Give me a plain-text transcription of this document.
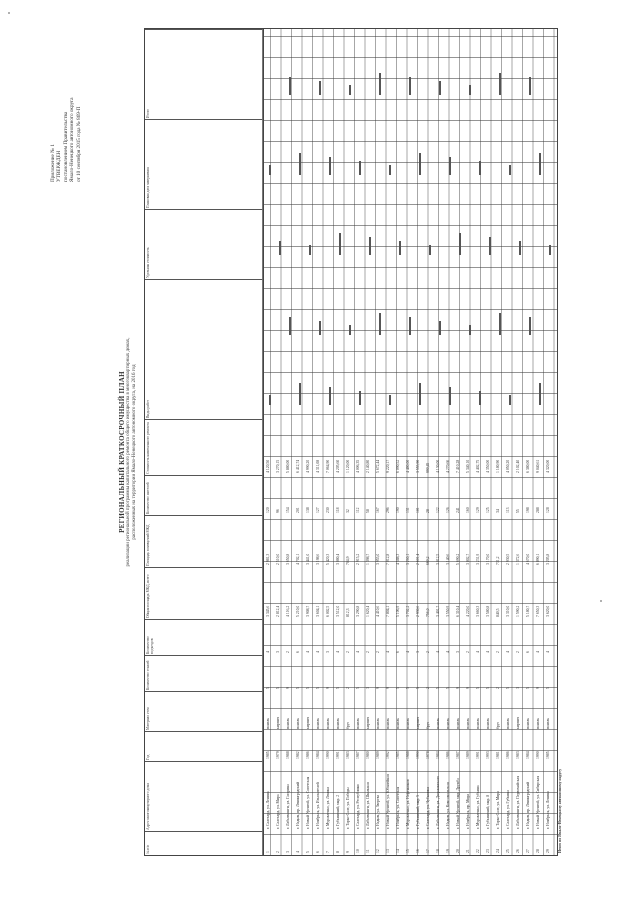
Приложение № 1 УТВЕРЖДЕН постановлением Правительства Ямало-Ненецкого автономного округа от 10 сентября 2015 года № 869-П
РЕГИОНАЛЬНЫЙ КРАТКОСРОЧНЫЙ ПЛАН реализации региональной программы капитального ремонта общего имущества в многоквартирных домах, расположенных на территории Ямало-Ненецкого автономного округа, на 2016 год
№ п/п
Адрес многоквартирного дома
Год
Материал стен
Количество этажей
Количество подъездов
Общая площадь МКД, всего
Площадь помещений МКД
Количество жителей
Стоимость капитального ремонта
Виды работ
Удельная стоимость
Плановая дата завершения
Итого
1
г. Салехард, ул. Ленина
1985
панель
5
4
3 345,6
2 981,3
120
4 120,50
2
г. Салехард, ул. Мира
1979
кирпич
5
3
2 812,4
2 510,0
96
3 270,15
3
г. Лабытнанги, ул. Гагарина
1988
панель
9
2
4 116,2
3 650,8
154
5 880,00
4
г. Надым, пр. Ленинградский
1982
панель
5
6
5 210,0
4 702,1
201
6 412,74
5
г. Новый Уренгой, ул. Советская
1986
кирпич
5
4
3 908,7
3 441,0
138
4 990,20
6
г. Ноябрьск, ул. Изыскателей
1984
панель
5
4
3 604,1
3 198,6
127
4 311,08
7
г. Муравленко, ул. Ленина
1990
панель
9
3
6 002,5
5 420,3
230
7 064,90
8
г. Губкинский, мкр. 2
1991
панель
5
4
3 512,0
3 080,4
118
4 205,60
9
г. Тарко-Сале, ул. Победы
1983
брус
2
2
812,3
704,9
32
1 120,00
10
г. Салехард, ул. Республики
1987
панель
5
4
3 290,8
2 915,2
112
4 006,35
11
г. Лабытнанги, ул. Школьная
1980
кирпич
3
2
1 620,4
1 398,7
58
2 140,80
12
г. Надым, ул. Зверева
1989
панель
9
2
4 410,6
3 955,0
167
5 672,44
13
г. Новый Уренгой, ул. Юбилейная
1992
панель
9
4
7 804,1
7 012,8
296
9 220,17
14
г. Ноябрьск, ул. Советская
1985
панель
5
6
5 106,9
4 588,3
190
6 090,52
15
г. Муравленко, ул. Нефтяников
1988
панель
5
4
3 702,2
3 260,1
131
4 480,00
16
г. Губкинский, мкр. 5
1990
кирпич
5
3
2 930,6
2 601,4
101
3 555,90
17
г. Салехард, ул. Чубынина
1978
брус
2
2
756,0
660,2
28
990,45
18
г. Лабытнанги, ул. Дзержинского
1984
панель
5
4
3 401,7
3 012,5
122
4 130,00
19
г. Надым, ул. Комсомольская
1986
панель
5
4
3 550,9
3 140,6
126
4 270,66
20
г. Новый Уренгой, мкр. Дружба
1987
панель
9
3
6 310,4
5 690,2
241
7 410,28
21
г. Ноябрьск, пр. Мира
1989
панель
9
2
4 220,0
3 802,7
160
5 340,10
22
г. Муравленко, ул. Губкина
1991
панель
5
4
3 660,3
3 231,9
129
4 402,75
23
г. Губкинский, мкр. 8
1993
панель
5
4
3 580,8
3 170,0
125
4 350,00
24
г. Тарко-Сале, ул. Мира
1981
брус
2
2
840,5
731,2
34
1 180,90
25
г. Салехард, ул. Губкина
1986
панель
5
4
3 310,0
2 930,5
113
4 050,20
26
г. Лабытнанги, ул. Первомайская
1983
кирпич
3
2
1 590,2
1 372,6
55
2 102,40
27
г. Надым, пр. Ленинградский
1984
панель
5
6
5 180,7
4 670,0
198
6 380,00
28
г. Новый Уренгой, ул. Сибирская
1990
панель
9
4
7 650,3
6 890,1
288
9 040,61
29
г. Ноябрьск, ул. Ленина
1985
панель
5
4
3 620,0
3 205,8
128
4 320,00
Итого по Ямало-Ненецкому автономному округу
